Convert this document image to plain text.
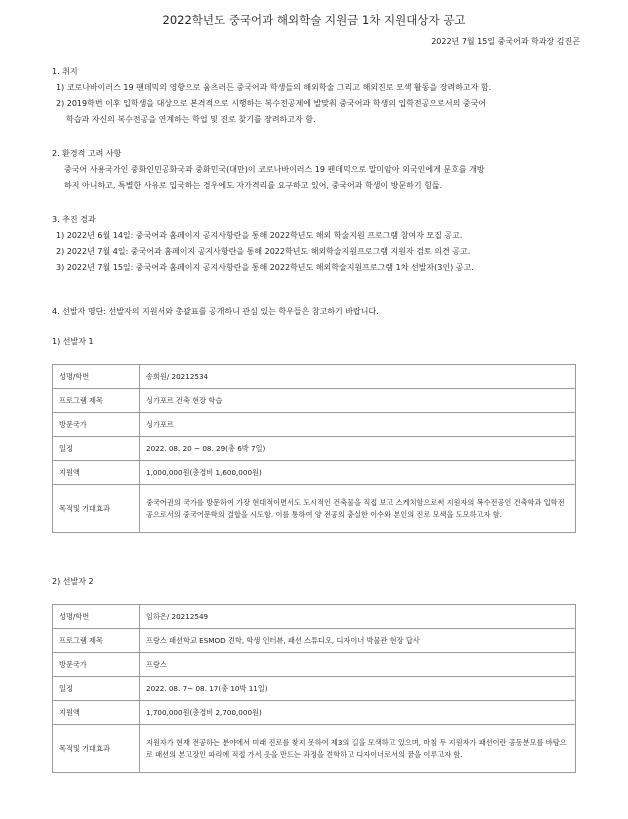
2022학년도 중국어과 해외학술 지원금 1차 지원대상자 공고
2022년 7월 15일 중국어과 학과장 김진곤

1. 취지

1) 코로나바이러스 19 팬데믹의 영향으로 움츠러든 중국어과 학생들의 해외학술 그리고 해외진로 모색 활동을 장려하고자 함.

2) 2019학번 이후 입학생을 대상으로 본격적으로 시행하는 복수전공제에 발맞춰 중국어과 학생의 입학전공으로서의 중국어

학습과 자신의 복수전공을 연계하는 학업 및 진로 찾기를 장려하고자 함.

2. 환경적 고려 사항

중국어 사용국가인 중화인민공화국과 중화민국(대만)이 코로나바이러스 19 펜데믹으로 말미암아 외국인에게 문호를 개방

하지 아니하고, 특별한 사유로 입국하는 경우에도 자가격리를 요구하고 있어, 중국어과 학생이 방문하기 힘듦.

3. 추진 경과

1) 2022년 6월 14일: 중국어과 홈페이지 공지사항란을 통해 2022학년도 해외 학술지원 프로그램 참여자 모집 공고.

2) 2022년 7월 4일: 중국어과 홈페이지 공지사항란을 통해 2022학년도 해외학술지원프로그램 지원자 검토 의견 공고.

3) 2022년 7월 15일: 중국어과 홈페이지 공지사항란을 통해 2022학년도 해외학술지원프로그램 1차 선발자(3인) 공고.

4. 선발자 명단: 선발자의 지원서와 총괄표를 공개하니 관심 있는 학우들은 참고하기 바랍니다.

1) 선발자 1

성명/학번	송희원/ 20212534
프로그램 제목	싱가포르 건축 현장 학습
방문국가	싱가포르
일정	2022. 08. 20 ~ 08. 29(총 6박 7일)
지원액	1,000,000원(총경비 1,600,000원)
목적및 기대효과	중국어권의 국가를 방문하여 가장 현대적이면서도 도시적인 건축물을 직접 보고 스케치함으로써 지원자의 복수전공인 건축학과 입학전공으로서의 중국어문학의 결합을 시도함. 이를 통하여 양 전공의 충실한 이수와 본인의 진로 모색을 도모하고자 함.

2) 선발자 2

성명/학번	임하은/ 20212549
프로그램 제목	프랑스 패션학교 ESMOD 견학, 학생 인터뷰, 패션 스튜디오, 디자이너 박물관 현장 답사
방문국가	프랑스
일정	2022. 08. 7~ 08. 17(총 10박 11일)
지원액	1,700,000원(총경비 2,700,000원)
목적및 기대효과	지원자가 현재 전공하는 분야에서 미래 진로를 찾지 못하여 제3의 길을 모색하고 있으며, 마침 두 지원자가 패션이란 공동분모를 바탕으로 패션의 본고장인 파리에 직접 가서 옷을 만드는 과정을 견학하고 디자이너로서의 꿈을 이루고자 함.
